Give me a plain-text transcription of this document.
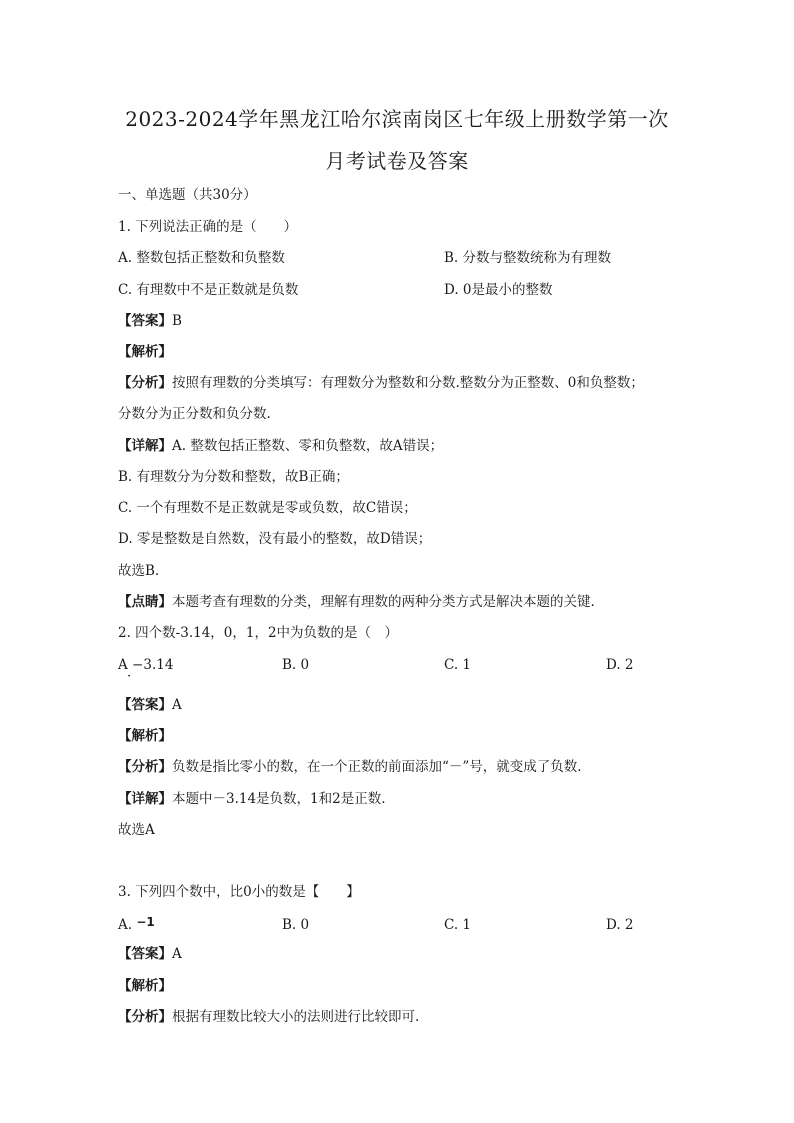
2023-2024学年黑龙江哈尔滨南岗区七年级上册数学第一次
月考试卷及答案
一、单选题（共30分）
1. 下列说法正确的是（　　）
A. 整数包括正整数和负整数	B. 分数与整数统称为有理数
C. 有理数中不是正数就是负数	D. 0是最小的整数
【答案】B
【解析】
【分析】按照有理数的分类填写：有理数分为整数和分数.整数分为正整数、0和负整数；
分数分为正分数和负分数.
【详解】A. 整数包括正整数、零和负整数，故A错误；
B. 有理数分为分数和整数，故B正确；
C. 一个有理数不是正数就是零或负数，故C错误；
D. 零是整数是自然数，没有最小的整数，故D错误；
故选B.
【点睛】本题考查有理数的分类，理解有理数的两种分类方式是解决本题的关键.
2. 四个数-3.14，0，1，2中为负数的是（　）
A −3.14
·
B. 0	C. 1	D. 2
【答案】A
【解析】
【分析】负数是指比零小的数，在一个正数的前面添加“－”号，就变成了负数.
【详解】本题中－3.14是负数，1和2是正数.
故选A
3. 下列四个数中，比0小的数是【　　】
A. −1	B. 0	C. 1	D. 2
【答案】A
【解析】
【分析】根据有理数比较大小的法则进行比较即可.
